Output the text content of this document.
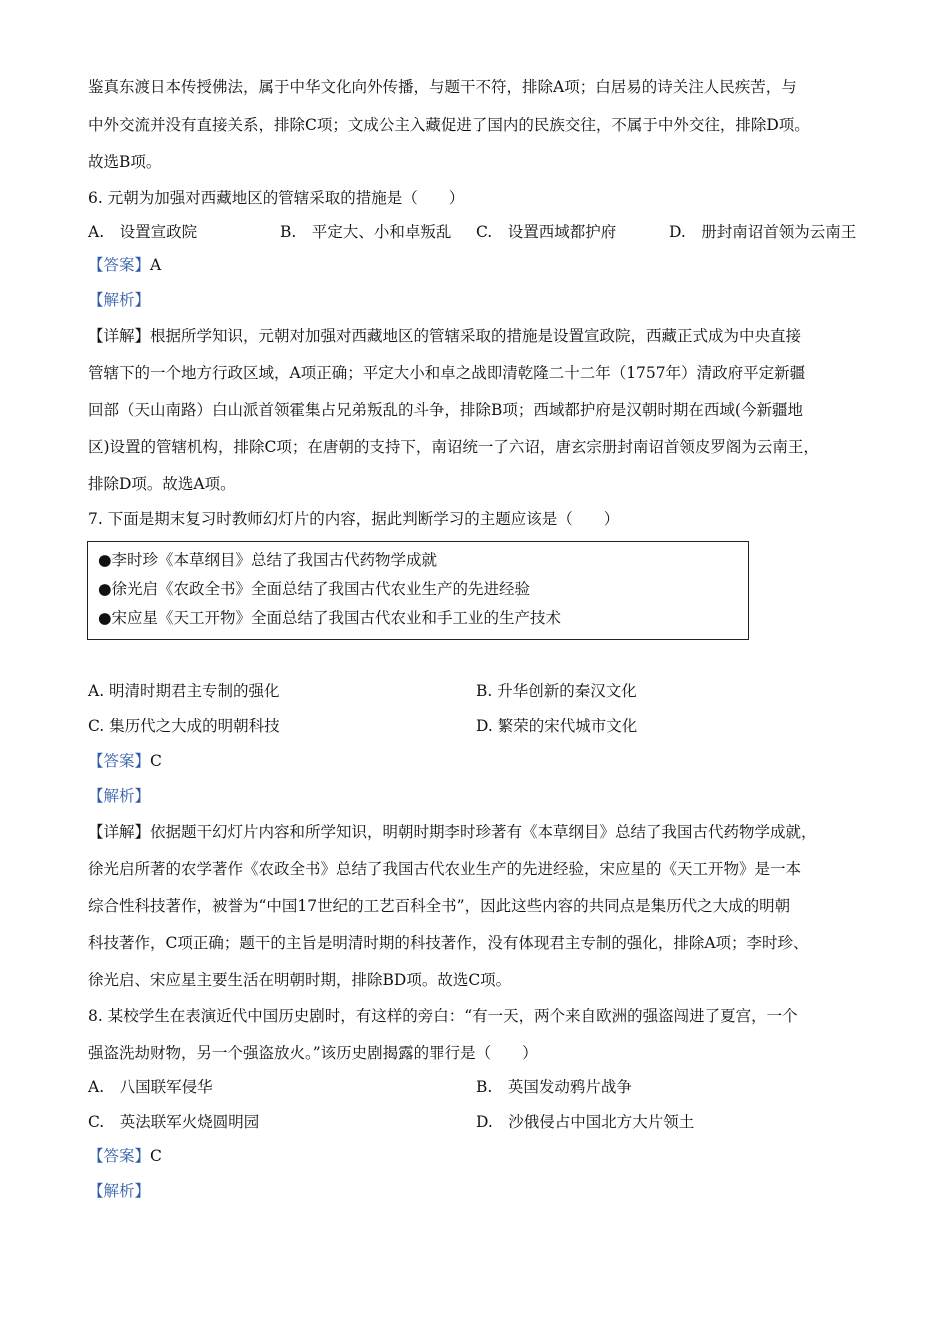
鉴真东渡日本传授佛法，属于中华文化向外传播，与题干不符，排除A项；白居易的诗关注人民疾苦，与
中外交流并没有直接关系，排除C项；文成公主入藏促进了国内的民族交往，不属于中外交往，排除D项。
故选B项。
6. 元朝为加强对西藏地区的管辖采取的措施是（　　）
A.　设置宣政院	B.　平定大、小和卓叛乱 C.　设置西域都护府	D.　册封南诏首领为云南王
【答案】A
【解析】
【详解】根据所学知识，元朝对加强对西藏地区的管辖采取的措施是设置宣政院，西藏正式成为中央直接
管辖下的一个地方行政区域，A项正确；平定大小和卓之战即清乾隆二十二年（1757年）清政府平定新疆
回部（天山南路）白山派首领霍集占兄弟叛乱的斗争，排除B项；西域都护府是汉朝时期在西域(今新疆地
区)设置的管辖机构，排除C项；在唐朝的支持下，南诏统一了六诏，唐玄宗册封南诏首领皮罗阁为云南王，
排除D项。故选A项。
7. 下面是期末复习时教师幻灯片的内容，据此判断学习的主题应该是（　　）
●李时珍《本草纲目》总结了我国古代药物学成就
●徐光启《农政全书》全面总结了我国古代农业生产的先进经验
●宋应星《天工开物》全面总结了我国古代农业和手工业的生产技术
A. 明清时期君主专制的强化	B. 升华创新的秦汉文化
C. 集历代之大成的明朝科技	D. 繁荣的宋代城市文化
【答案】C
【解析】
【详解】依据题干幻灯片内容和所学知识，明朝时期李时珍著有《本草纲目》总结了我国古代药物学成就，
徐光启所著的农学著作《农政全书》总结了我国古代农业生产的先进经验，宋应星的《天工开物》是一本
综合性科技著作，被誉为“中国17世纪的工艺百科全书”，因此这些内容的共同点是集历代之大成的明朝
科技著作，C项正确；题干的主旨是明清时期的科技著作，没有体现君主专制的强化，排除A项；李时珍、
徐光启、宋应星主要生活在明朝时期，排除BD项。故选C项。
8. 某校学生在表演近代中国历史剧时，有这样的旁白：“有一天，两个来自欧洲的强盗闯进了夏宫，一个
强盗洗劫财物，另一个强盗放火。”该历史剧揭露的罪行是（　　）
A.　八国联军侵华	B.　英国发动鸦片战争
C.　英法联军火烧圆明园	D.　沙俄侵占中国北方大片领土
【答案】C
【解析】
